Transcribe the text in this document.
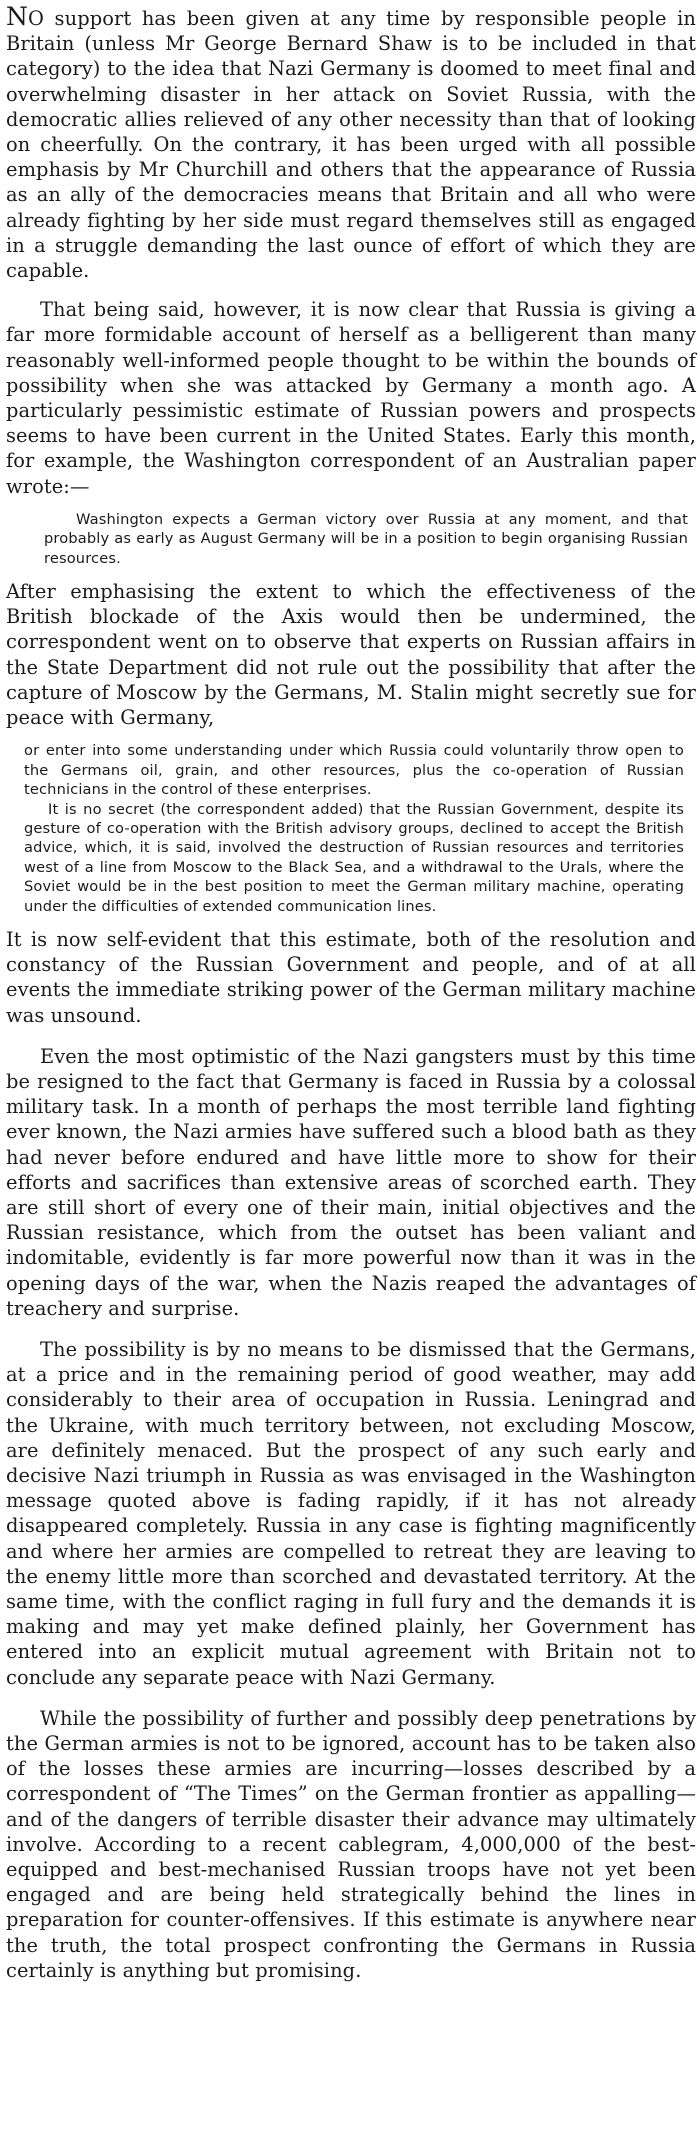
NO support has been given at any time by responsible people in Britain (unless Mr George Bernard Shaw is to be included in that category) to the idea that Nazi Germany is doomed to meet final and overwhelming disaster in her attack on Soviet Russia, with the democratic allies relieved of any other necessity than that of looking on cheerfully. On the contrary, it has been urged with all possible emphasis by Mr Churchill and others that the appearance of Russia as an ally of the democracies means that Britain and all who were already fighting by her side must regard themselves still as engaged in a struggle demanding the last ounce of effort of which they are capable.

That being said, however, it is now clear that Russia is giving a far more formidable account of herself as a belligerent than many reasonably well-informed people thought to be within the bounds of possibility when she was attacked by Germany a month ago. A particularly pessimistic estimate of Russian powers and prospects seems to have been current in the United States. Early this month, for example, the Washington correspondent of an Australian paper wrote:—

Washington expects a German victory over Russia at any moment, and that probably as early as August Germany will be in a position to begin organising Russian resources.

After emphasising the extent to which the effectiveness of the British blockade of the Axis would then be undermined, the correspondent went on to observe that experts on Russian affairs in the State Department did not rule out the possibility that after the capture of Moscow by the Germans, M. Stalin might secretly sue for peace with Germany,

or enter into some understanding under which Russia could voluntarily throw open to the Germans oil, grain, and other resources, plus the co-operation of Russian technicians in the control of these enterprises.

It is no secret (the correspondent added) that the Russian Government, despite its gesture of co-operation with the British advisory groups, declined to accept the British advice, which, it is said, involved the destruction of Russian resources and territories west of a line from Moscow to the Black Sea, and a withdrawal to the Urals, where the Soviet would be in the best position to meet the German military machine, operating under the difficulties of extended communication lines.

It is now self-evident that this estimate, both of the resolution and constancy of the Russian Government and people, and of at all events the immediate striking power of the German military machine was unsound.

Even the most optimistic of the Nazi gangsters must by this time be resigned to the fact that Germany is faced in Russia by a colossal military task. In a month of perhaps the most terrible land fighting ever known, the Nazi armies have suffered such a blood bath as they had never before endured and have little more to show for their efforts and sacrifices than extensive areas of scorched earth. They are still short of every one of their main, initial objectives and the Russian resistance, which from the outset has been valiant and indomitable, evidently is far more powerful now than it was in the opening days of the war, when the Nazis reaped the advantages of treachery and surprise.

The possibility is by no means to be dismissed that the Germans, at a price and in the remaining period of good weather, may add considerably to their area of occupation in Russia. Leningrad and the Ukraine, with much territory between, not excluding Moscow, are definitely menaced. But the prospect of any such early and decisive Nazi triumph in Russia as was envisaged in the Washington message quoted above is fading rapidly, if it has not already disappeared completely. Russia in any case is fighting magnificently and where her armies are compelled to retreat they are leaving to the enemy little more than scorched and devastated territory. At the same time, with the conflict raging in full fury and the demands it is making and may yet make defined plainly, her Government has entered into an explicit mutual agreement with Britain not to conclude any separate peace with Nazi Germany.

While the possibility of further and possibly deep penetrations by the German armies is not to be ignored, account has to be taken also of the losses these armies are incurring—losses described by a correspondent of “The Times” on the German frontier as appalling—and of the dangers of terrible disaster their advance may ultimately involve. According to a recent cablegram, 4,000,000 of the best-equipped and best-mechanised Russian troops have not yet been engaged and are being held strategically behind the lines in preparation for counter-offensives. If this estimate is anywhere near the truth, the total prospect confronting the Germans in Russia certainly is anything but promising.
